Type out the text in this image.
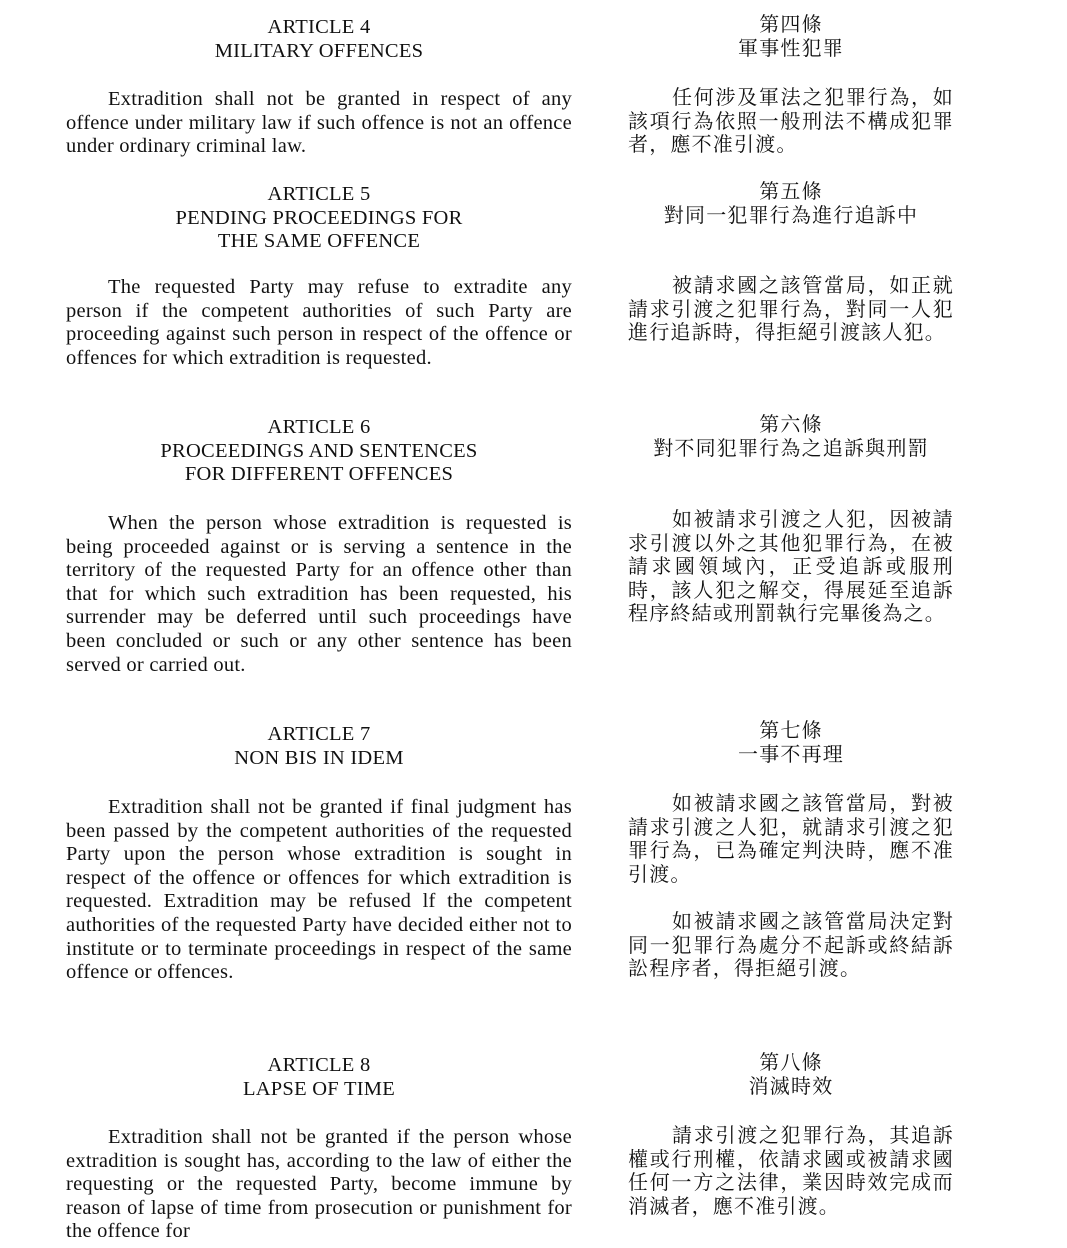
ARTICLE 4
MILITARY OFFENCES

Extradition shall not be granted in respect of any offence under military law if such offence is not an offence under ordinary criminal law.

ARTICLE 5
PENDING PROCEEDINGS FOR
THE SAME OFFENCE

The requested Party may refuse to extradite any person if the competent authorities of such Party are proceeding against such person in respect of the offence or offences for which extradition is requested.

ARTICLE 6
PROCEEDINGS AND SENTENCES
FOR DIFFERENT OFFENCES

When the person whose extradition is requested is being proceeded against or is serving a sentence in the territory of the requested Party for an offence other than that for which such extradition has been requested, his surrender may be deferred until such proceedings have been concluded or such or any other sentence has been served or carried out.

ARTICLE 7
NON BIS IN IDEM

Extradition shall not be granted if final judgment has been passed by the competent authorities of the requested Party upon the person whose extradition is sought in respect of the offence or offences for which extradition is requested. Extradition may be refused lf the competent authorities of the requested Party have decided either not to institute or to terminate proceedings in respect of the same offence or offences.

ARTICLE 8
LAPSE OF TIME

Extradition shall not be granted if the person whose extradition is sought has, according to the law of either the requesting or the requested Party, become immune by reason of lapse of time from prosecution or punishment for the offence for

第四條
軍事性犯罪

任何涉及軍法之犯罪行為，如該項行為依照一般刑法不構成犯罪者，應不准引渡。

第五條
對同一犯罪行為進行追訴中

被請求國之該管當局，如正就請求引渡之犯罪行為，對同一人犯進行追訴時，得拒絕引渡該人犯。

第六條
對不同犯罪行為之追訴與刑罰

如被請求引渡之人犯，因被請求引渡以外之其他犯罪行為，在被請求國領域內，正受追訴或服刑時，該人犯之解交，得展延至追訴程序終結或刑罰執行完畢後為之。

第七條
一事不再理

如被請求國之該管當局，對被請求引渡之人犯，就請求引渡之犯罪行為，已為確定判決時，應不准引渡。

如被請求國之該管當局決定對同一犯罪行為處分不起訴或終結訴訟程序者，得拒絕引渡。

第八條
消滅時效

請求引渡之犯罪行為，其追訴權或行刑權，依請求國或被請求國任何一方之法律，業因時效完成而消滅者，應不准引渡。
